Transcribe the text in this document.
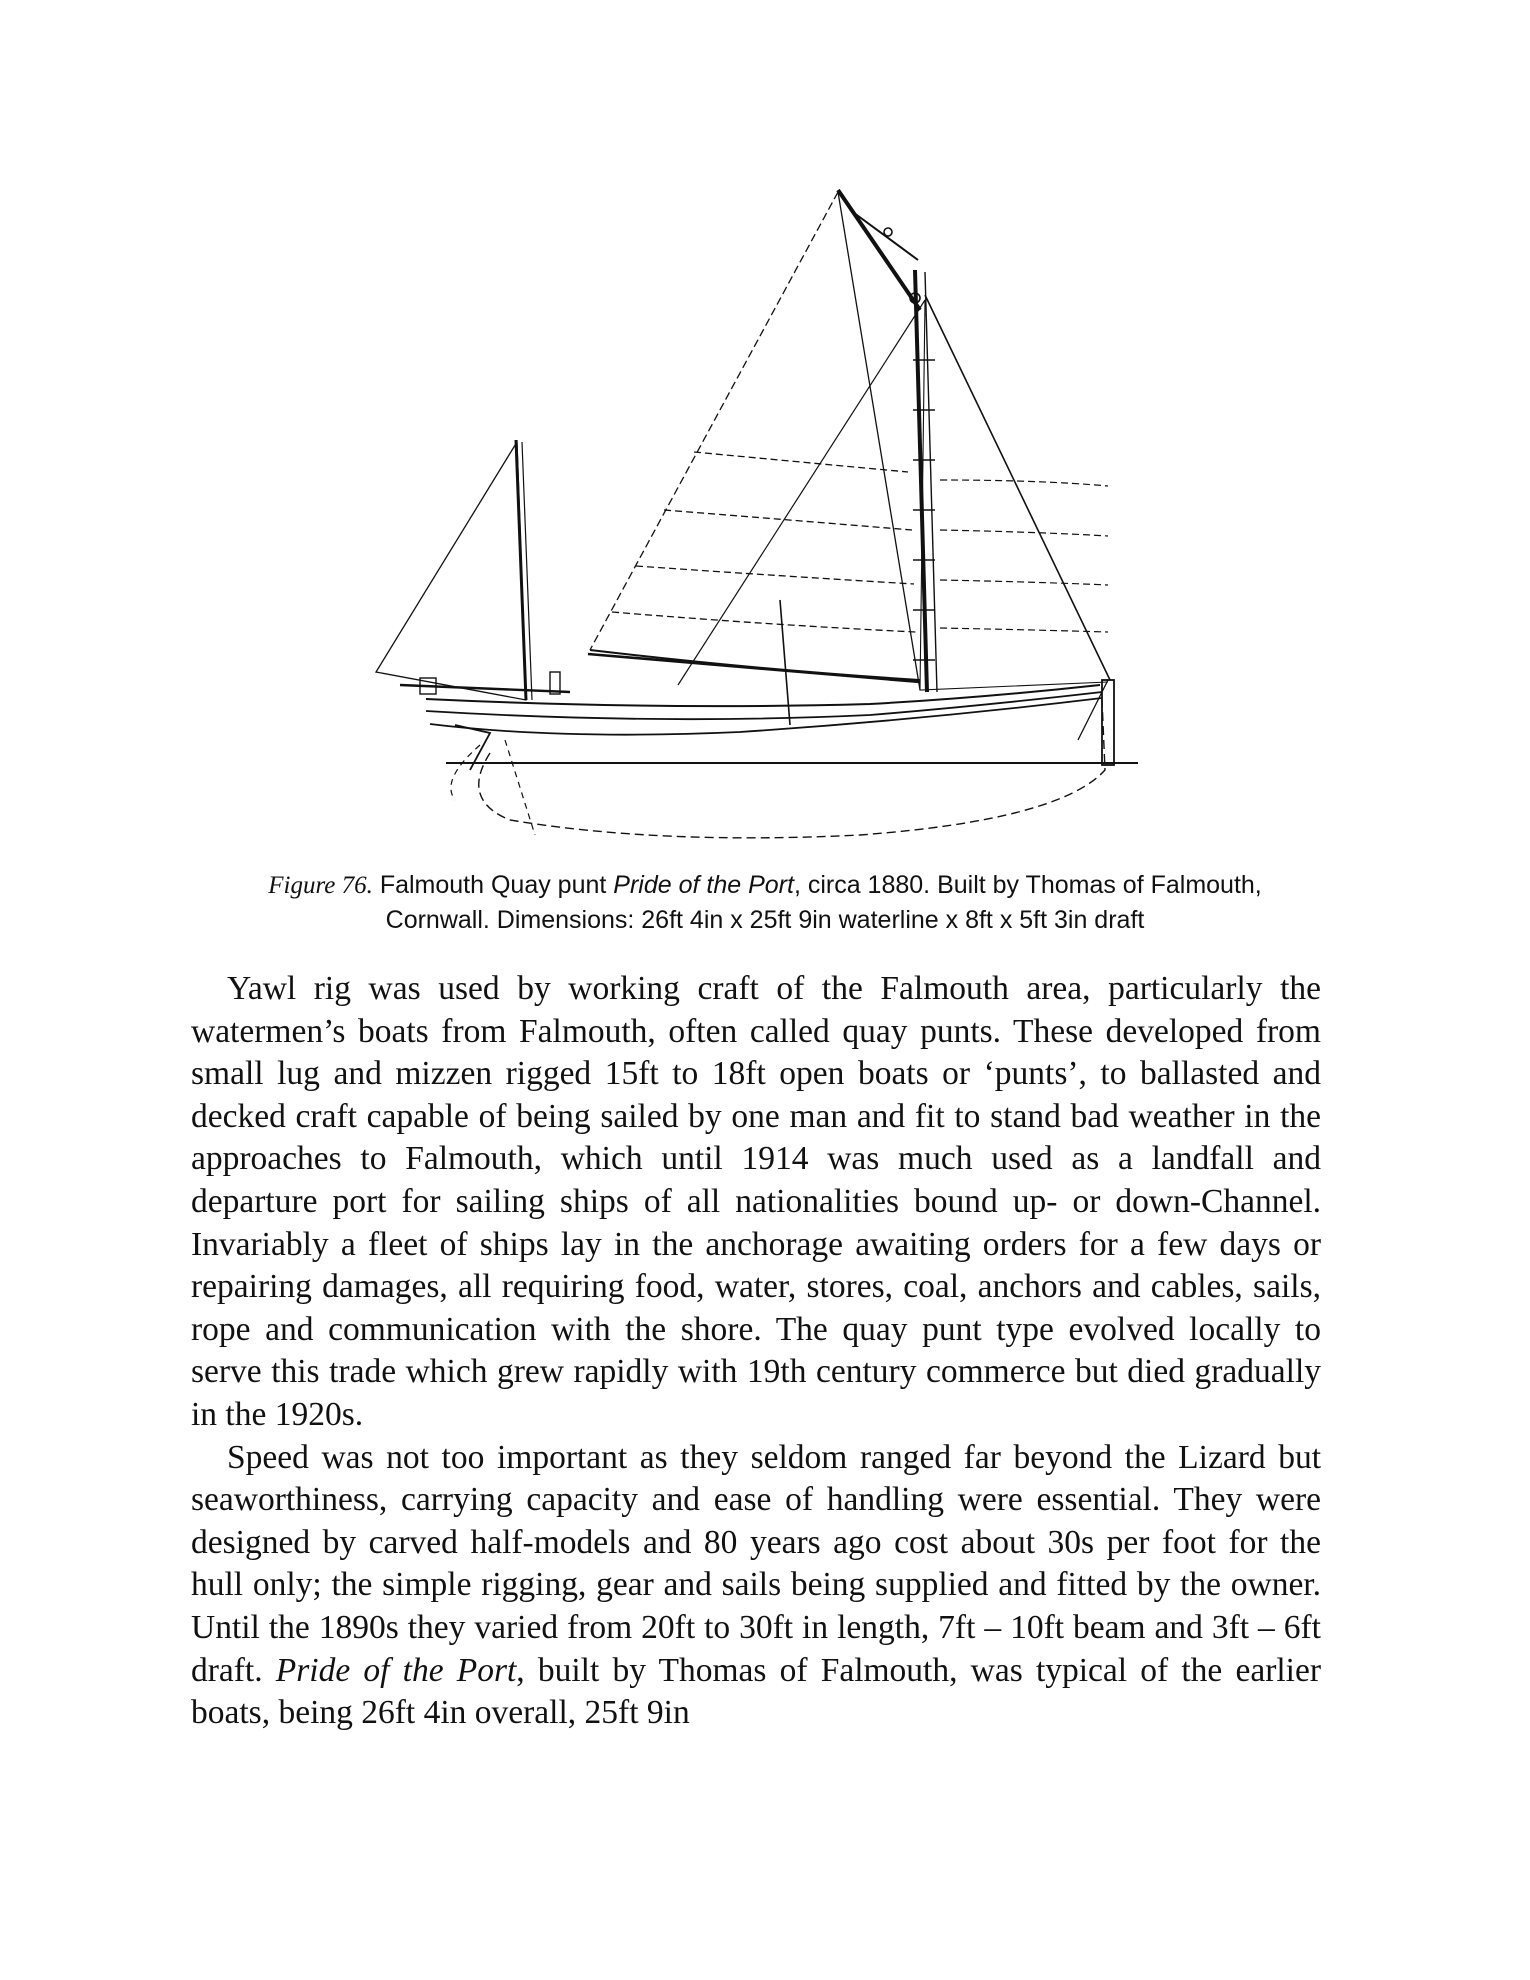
Figure 76. Falmouth Quay punt Pride of the Port, circa 1880. Built by Thomas of Falmouth,
Cornwall. Dimensions: 26ft 4in x 25ft 9in waterline x 8ft x 5ft 3in draft

Yawl rig was used by working craft of the Falmouth area, particularly the watermen’s boats from Falmouth, often called quay punts. These developed from small lug and mizzen rigged 15ft to 18ft open boats or ‘punts’, to ballasted and decked craft capable of being sailed by one man and fit to stand bad weather in the approaches to Falmouth, which until 1914 was much used as a landfall and departure port for sailing ships of all nationalities bound up- or down-Channel. Invariably a fleet of ships lay in the anchorage awaiting orders for a few days or repairing damages, all requiring food, water, stores, coal, anchors and cables, sails, rope and communication with the shore. The quay punt type evolved locally to serve this trade which grew rapidly with 19th century commerce but died gradually in the 1920s.

Speed was not too important as they seldom ranged far beyond the Lizard but seaworthiness, carrying capacity and ease of handling were essential. They were designed by carved half-models and 80 years ago cost about 30s per foot for the hull only; the simple rigging, gear and sails being supplied and fitted by the owner. Until the 1890s they varied from 20ft to 30ft in length, 7ft – 10ft beam and 3ft – 6ft draft. Pride of the Port, built by Thomas of Falmouth, was typical of the earlier boats, being 26ft 4in overall, 25ft 9in
